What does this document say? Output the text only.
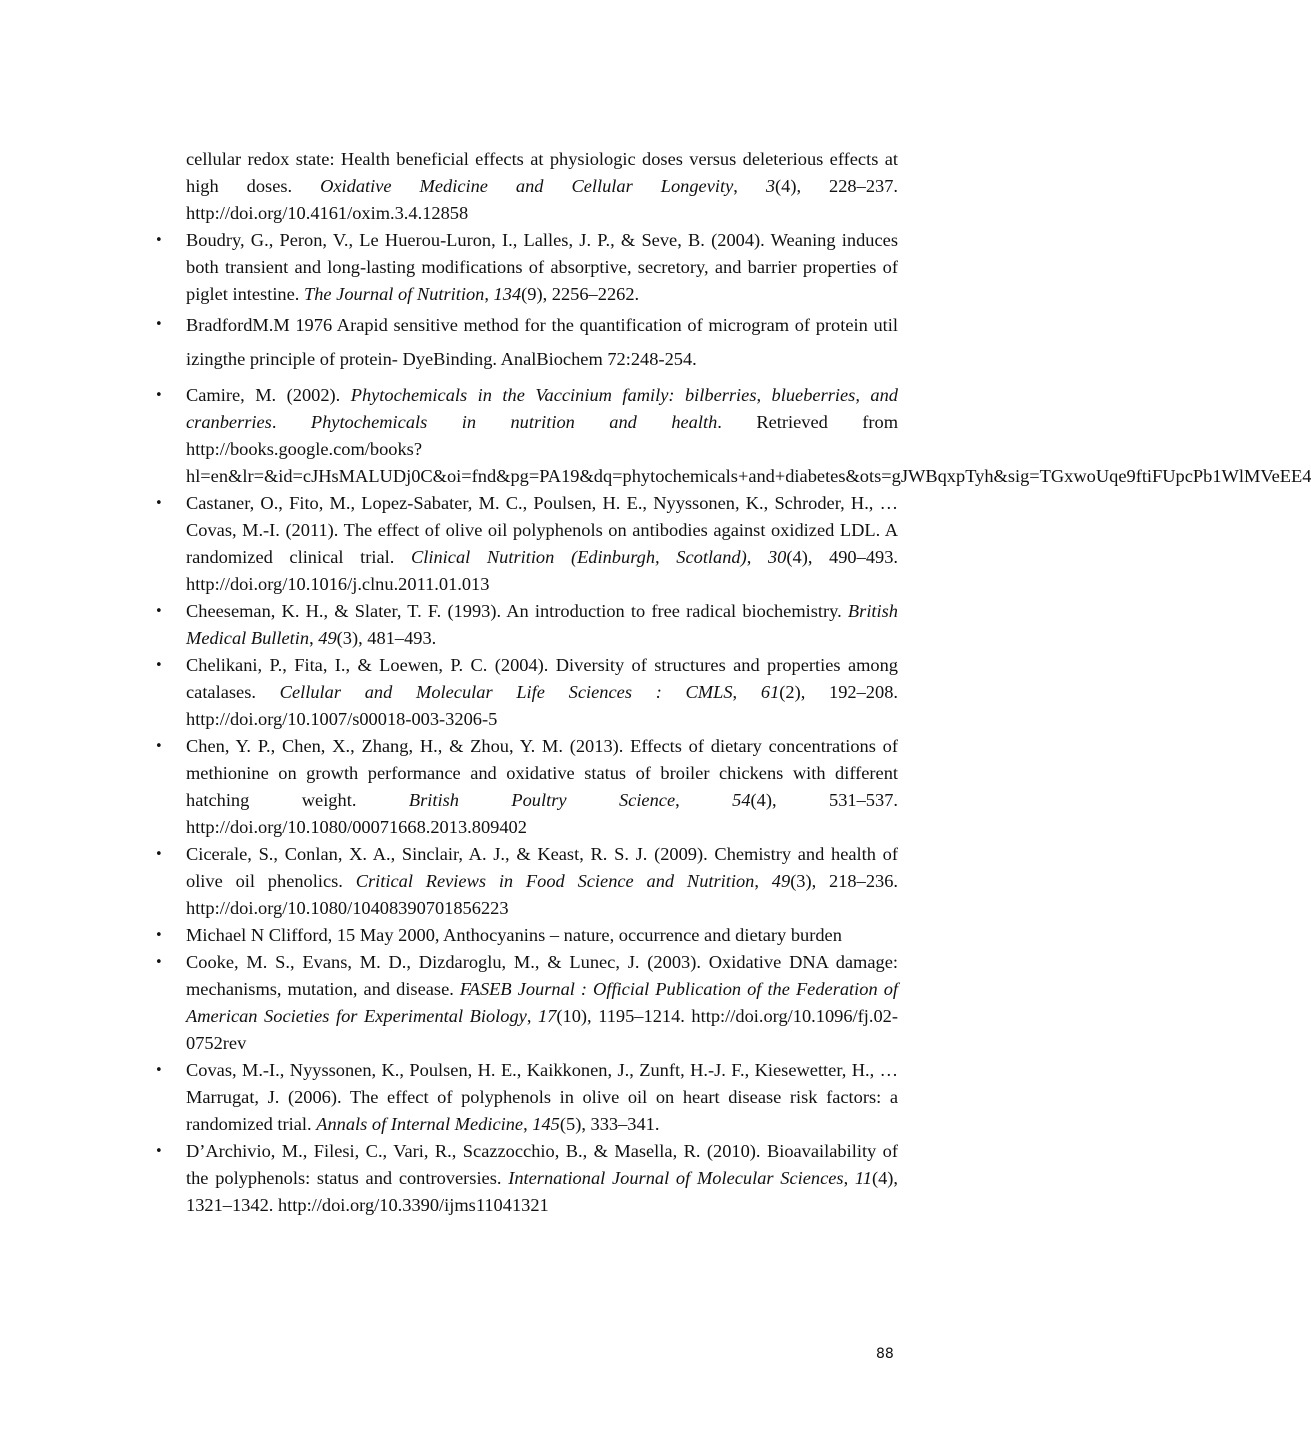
cellular redox state: Health beneficial effects at physiologic doses versus deleterious effects at high doses. Oxidative Medicine and Cellular Longevity, 3(4), 228–237. http://doi.org/10.4161/oxim.3.4.12858
• Boudry, G., Peron, V., Le Huerou-Luron, I., Lalles, J. P., & Seve, B. (2004). Weaning induces both transient and long-lasting modifications of absorptive, secretory, and barrier properties of piglet intestine. The Journal of Nutrition, 134(9), 2256–2262.
• BradfordM.M 1976 Arapid sensitive method for the quantification of microgram of protein util izingthe principle of protein- DyeBinding. AnalBiochem 72:248-254.
• Camire, M. (2002). Phytochemicals in the Vaccinium family: bilberries, blueberries, and cranberries. Phytochemicals in nutrition and health. Retrieved from http://books.google.com/books?hl=en&lr=&id=cJHsMALUDj0C&oi=fnd&pg=PA19&dq=phytochemicals+and+diabetes&ots=gJWBqxpTyh&sig=TGxwoUqe9ftiFUpcPb1WlMVeEE4
• Castaner, O., Fito, M., Lopez-Sabater, M. C., Poulsen, H. E., Nyyssonen, K., Schroder, H., … Covas, M.-I. (2011). The effect of olive oil polyphenols on antibodies against oxidized LDL. A randomized clinical trial. Clinical Nutrition (Edinburgh, Scotland), 30(4), 490–493. http://doi.org/10.1016/j.clnu.2011.01.013
• Cheeseman, K. H., & Slater, T. F. (1993). An introduction to free radical biochemistry. British Medical Bulletin, 49(3), 481–493.
• Chelikani, P., Fita, I., & Loewen, P. C. (2004). Diversity of structures and properties among catalases. Cellular and Molecular Life Sciences : CMLS, 61(2), 192–208. http://doi.org/10.1007/s00018-003-3206-5
• Chen, Y. P., Chen, X., Zhang, H., & Zhou, Y. M. (2013). Effects of dietary concentrations of methionine on growth performance and oxidative status of broiler chickens with different hatching weight. British Poultry Science, 54(4), 531–537. http://doi.org/10.1080/00071668.2013.809402
• Cicerale, S., Conlan, X. A., Sinclair, A. J., & Keast, R. S. J. (2009). Chemistry and health of olive oil phenolics. Critical Reviews in Food Science and Nutrition, 49(3), 218–236. http://doi.org/10.1080/10408390701856223
• Michael N Clifford, 15 May 2000, Anthocyanins – nature, occurrence and dietary burden
• Cooke, M. S., Evans, M. D., Dizdaroglu, M., & Lunec, J. (2003). Oxidative DNA damage: mechanisms, mutation, and disease. FASEB Journal : Official Publication of the Federation of American Societies for Experimental Biology, 17(10), 1195–1214. http://doi.org/10.1096/fj.02-0752rev
• Covas, M.-I., Nyyssonen, K., Poulsen, H. E., Kaikkonen, J., Zunft, H.-J. F., Kiesewetter, H., … Marrugat, J. (2006). The effect of polyphenols in olive oil on heart disease risk factors: a randomized trial. Annals of Internal Medicine, 145(5), 333–341.
• D’Archivio, M., Filesi, C., Vari, R., Scazzocchio, B., & Masella, R. (2010). Bioavailability of the polyphenols: status and controversies. International Journal of Molecular Sciences, 11(4), 1321–1342. http://doi.org/10.3390/ijms11041321
88
